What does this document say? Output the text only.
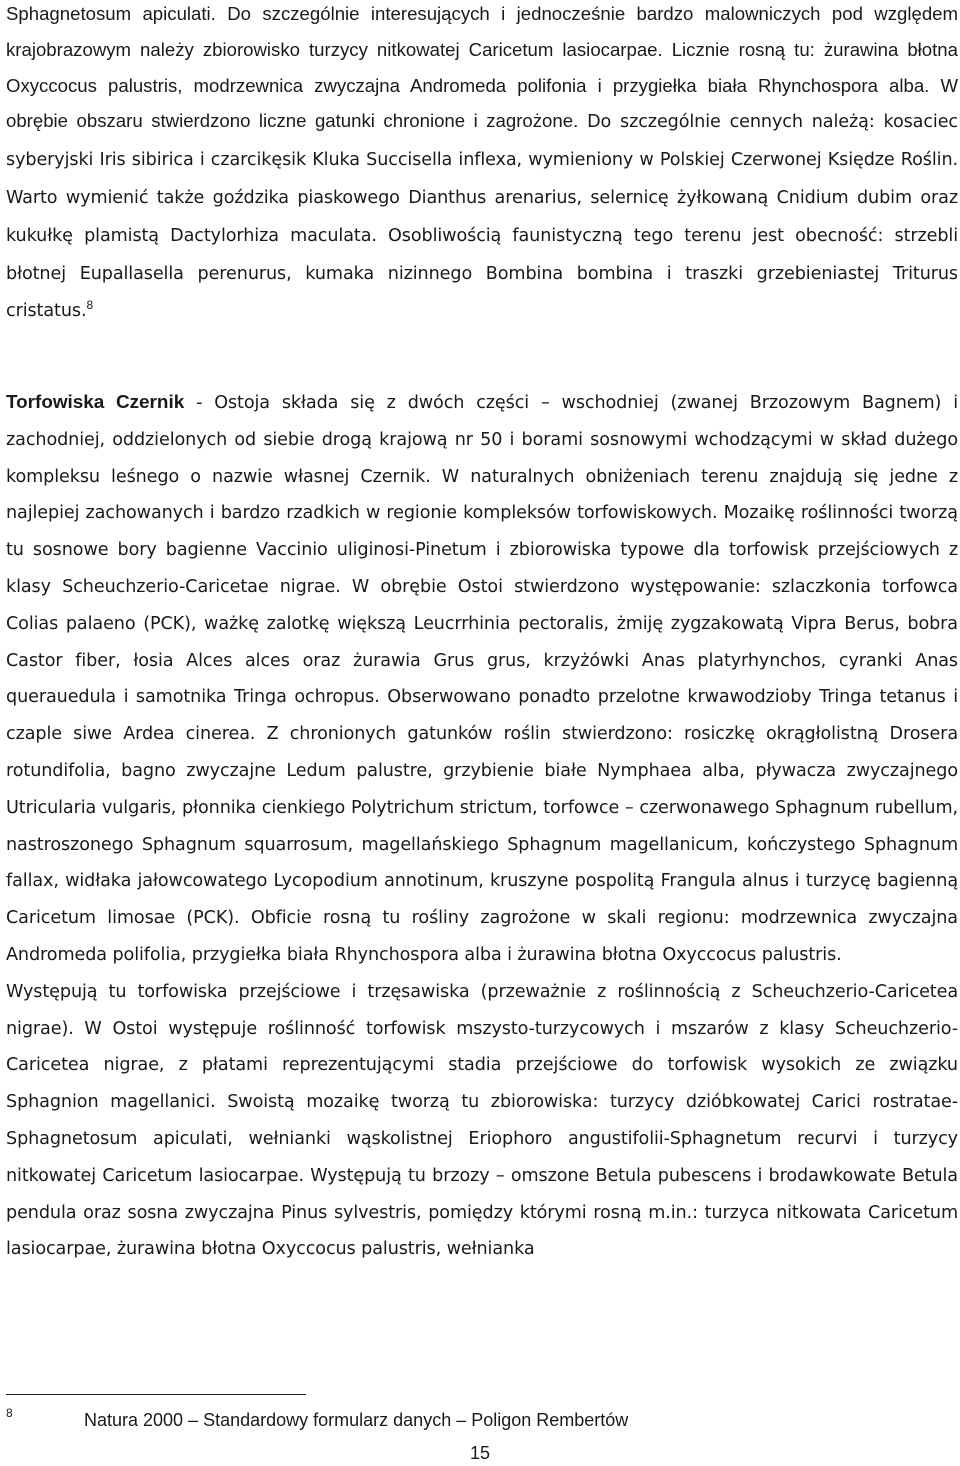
Sphagnetosum apiculati. Do szczególnie interesujących i jednocześnie bardzo malowniczych pod względem krajobrazowym należy zbiorowisko turzycy nitkowatej Caricetum lasiocarpae. Licznie rosną tu: żurawina błotna Oxyccocus palustris, modrzewnica zwyczajna Andromeda polifonia i przygiełka biała Rhynchospora alba. W obrębie obszaru stwierdzono liczne gatunki chronione i zagrożone. Do szczególnie cennych należą: kosaciec syberyjski Iris sibirica i czarcikęsik Kluka Succisella inflexa, wymieniony w Polskiej Czerwonej Księdze Roślin. Warto wymienić także goździka piaskowego Dianthus arenarius, selernicę żyłkowaną Cnidium dubim oraz kukułkę plamistą Dactylorhiza maculata. Osobliwością faunistyczną tego terenu jest obecność: strzebli błotnej Eupallasella perenurus, kumaka nizinnego Bombina bombina i traszki grzebieniastej Triturus cristatus.$^8$

Torfowiska Czernik - Ostoja składa się z dwóch części – wschodniej (zwanej Brzozowym Bagnem) i zachodniej, oddzielonych od siebie drogą krajową nr 50 i borami sosnowymi wchodzącymi w skład dużego kompleksu leśnego o nazwie własnej Czernik. W naturalnych obniżeniach terenu znajdują się jedne z najlepiej zachowanych i bardzo rzadkich w regionie kompleksów torfowiskowych. Mozaikę roślinności tworzą tu sosnowe bory bagienne Vaccinio uliginosi-Pinetum i zbiorowiska typowe dla torfowisk przejściowych z klasy Scheuchzerio-Caricetae nigrae. W obrębie Ostoi stwierdzono występowanie: szlaczkonia torfowca Colias palaeno (PCK), ważkę zalotkę większą Leucrrhinia pectoralis, żmiję zygzakowatą Vipra Berus, bobra Castor fiber, łosia Alces alces oraz żurawia Grus grus, krzyżówki Anas platyrhynchos, cyranki Anas querauedula i samotnika Tringa ochropus. Obserwowano ponadto przelotne krwawodzioby Tringa tetanus i czaple siwe Ardea cinerea. Z chronionych gatunków roślin stwierdzono: rosiczkę okrągłolistną Drosera rotundifolia, bagno zwyczajne Ledum palustre, grzybienie białe Nymphaea alba, pływacza zwyczajnego Utricularia vulgaris, płonnika cienkiego Polytrichum strictum, torfowce – czerwonawego Sphagnum rubellum, nastroszonego Sphagnum squarrosum, magellańskiego Sphagnum magellanicum, kończystego Sphagnum fallax, widłaka jałowcowatego Lycopodium annotinum, kruszyne pospolitą Frangula alnus i turzycę bagienną Caricetum limosae (PCK). Obficie rosną tu rośliny zagrożone w skali regionu: modrzewnica zwyczajna Andromeda polifolia, przygiełka biała Rhynchospora alba i żurawina błotna Oxyccocus palustris.
Występują tu torfowiska przejściowe i trzęsawiska (przeważnie z roślinnością z Scheuchzerio-Caricetea nigrae). W Ostoi występuje roślinność torfowisk mszysto-turzycowych i mszarów z klasy Scheuchzerio-Caricetea nigrae, z płatami reprezentującymi stadia przejściowe do torfowisk wysokich ze związku Sphagnion magellanici. Swoistą mozaikę tworzą tu zbiorowiska: turzycy dzióbkowatej Carici rostratae-Sphagnetosum apiculati, wełnianki wąskolistnej Eriophoro angustifolii-Sphagnetum recurvi i turzycy nitkowatej Caricetum lasiocarpae. Występują tu brzozy – omszone Betula pubescens i brodawkowate Betula pendula oraz sosna zwyczajna Pinus sylvestris, pomiędzy którymi rosną m.in.: turzyca nitkowata Caricetum lasiocarpae, żurawina błotna Oxyccocus palustris, wełnianka

8	Natura 2000 – Standardowy formularz danych – Poligon Rembertów
15
